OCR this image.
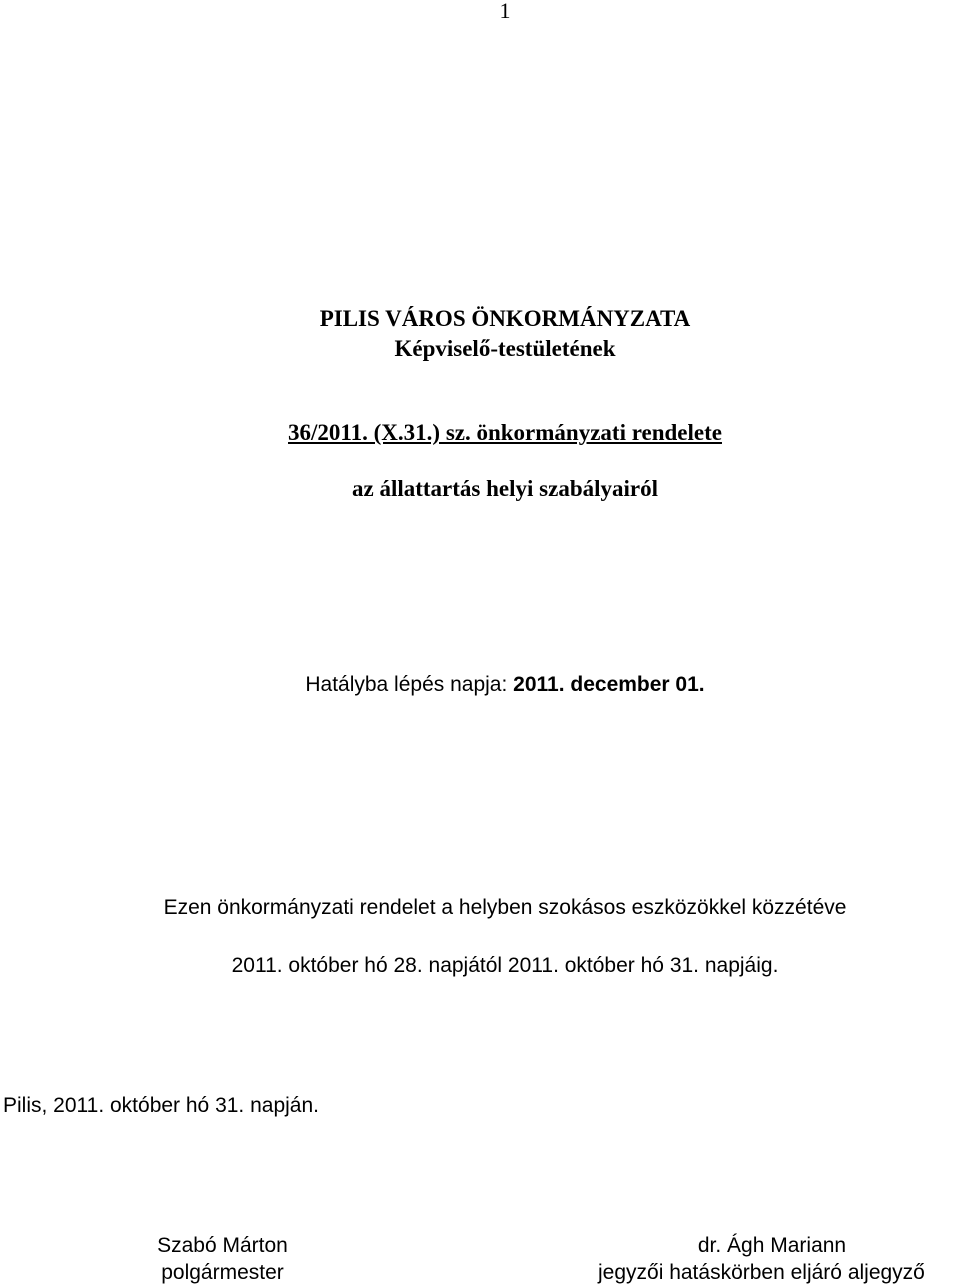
1
PILIS VÁROS ÖNKORMÁNYZATA
Képviselő-testületének
36/2011. (X.31.) sz. önkormányzati rendelete
az állattartás helyi szabályairól
Hatályba lépés napja: 2011. december 01.
Ezen önkormányzati rendelet a helyben szokásos eszközökkel közzétéve
2011. október hó 28. napjától 2011. október hó 31. napjáig.
Pilis, 2011. október hó 31. napján.
Szabó Márton
polgármester
dr. Ágh Mariann
jegyzői hatáskörben eljáró aljegyző
